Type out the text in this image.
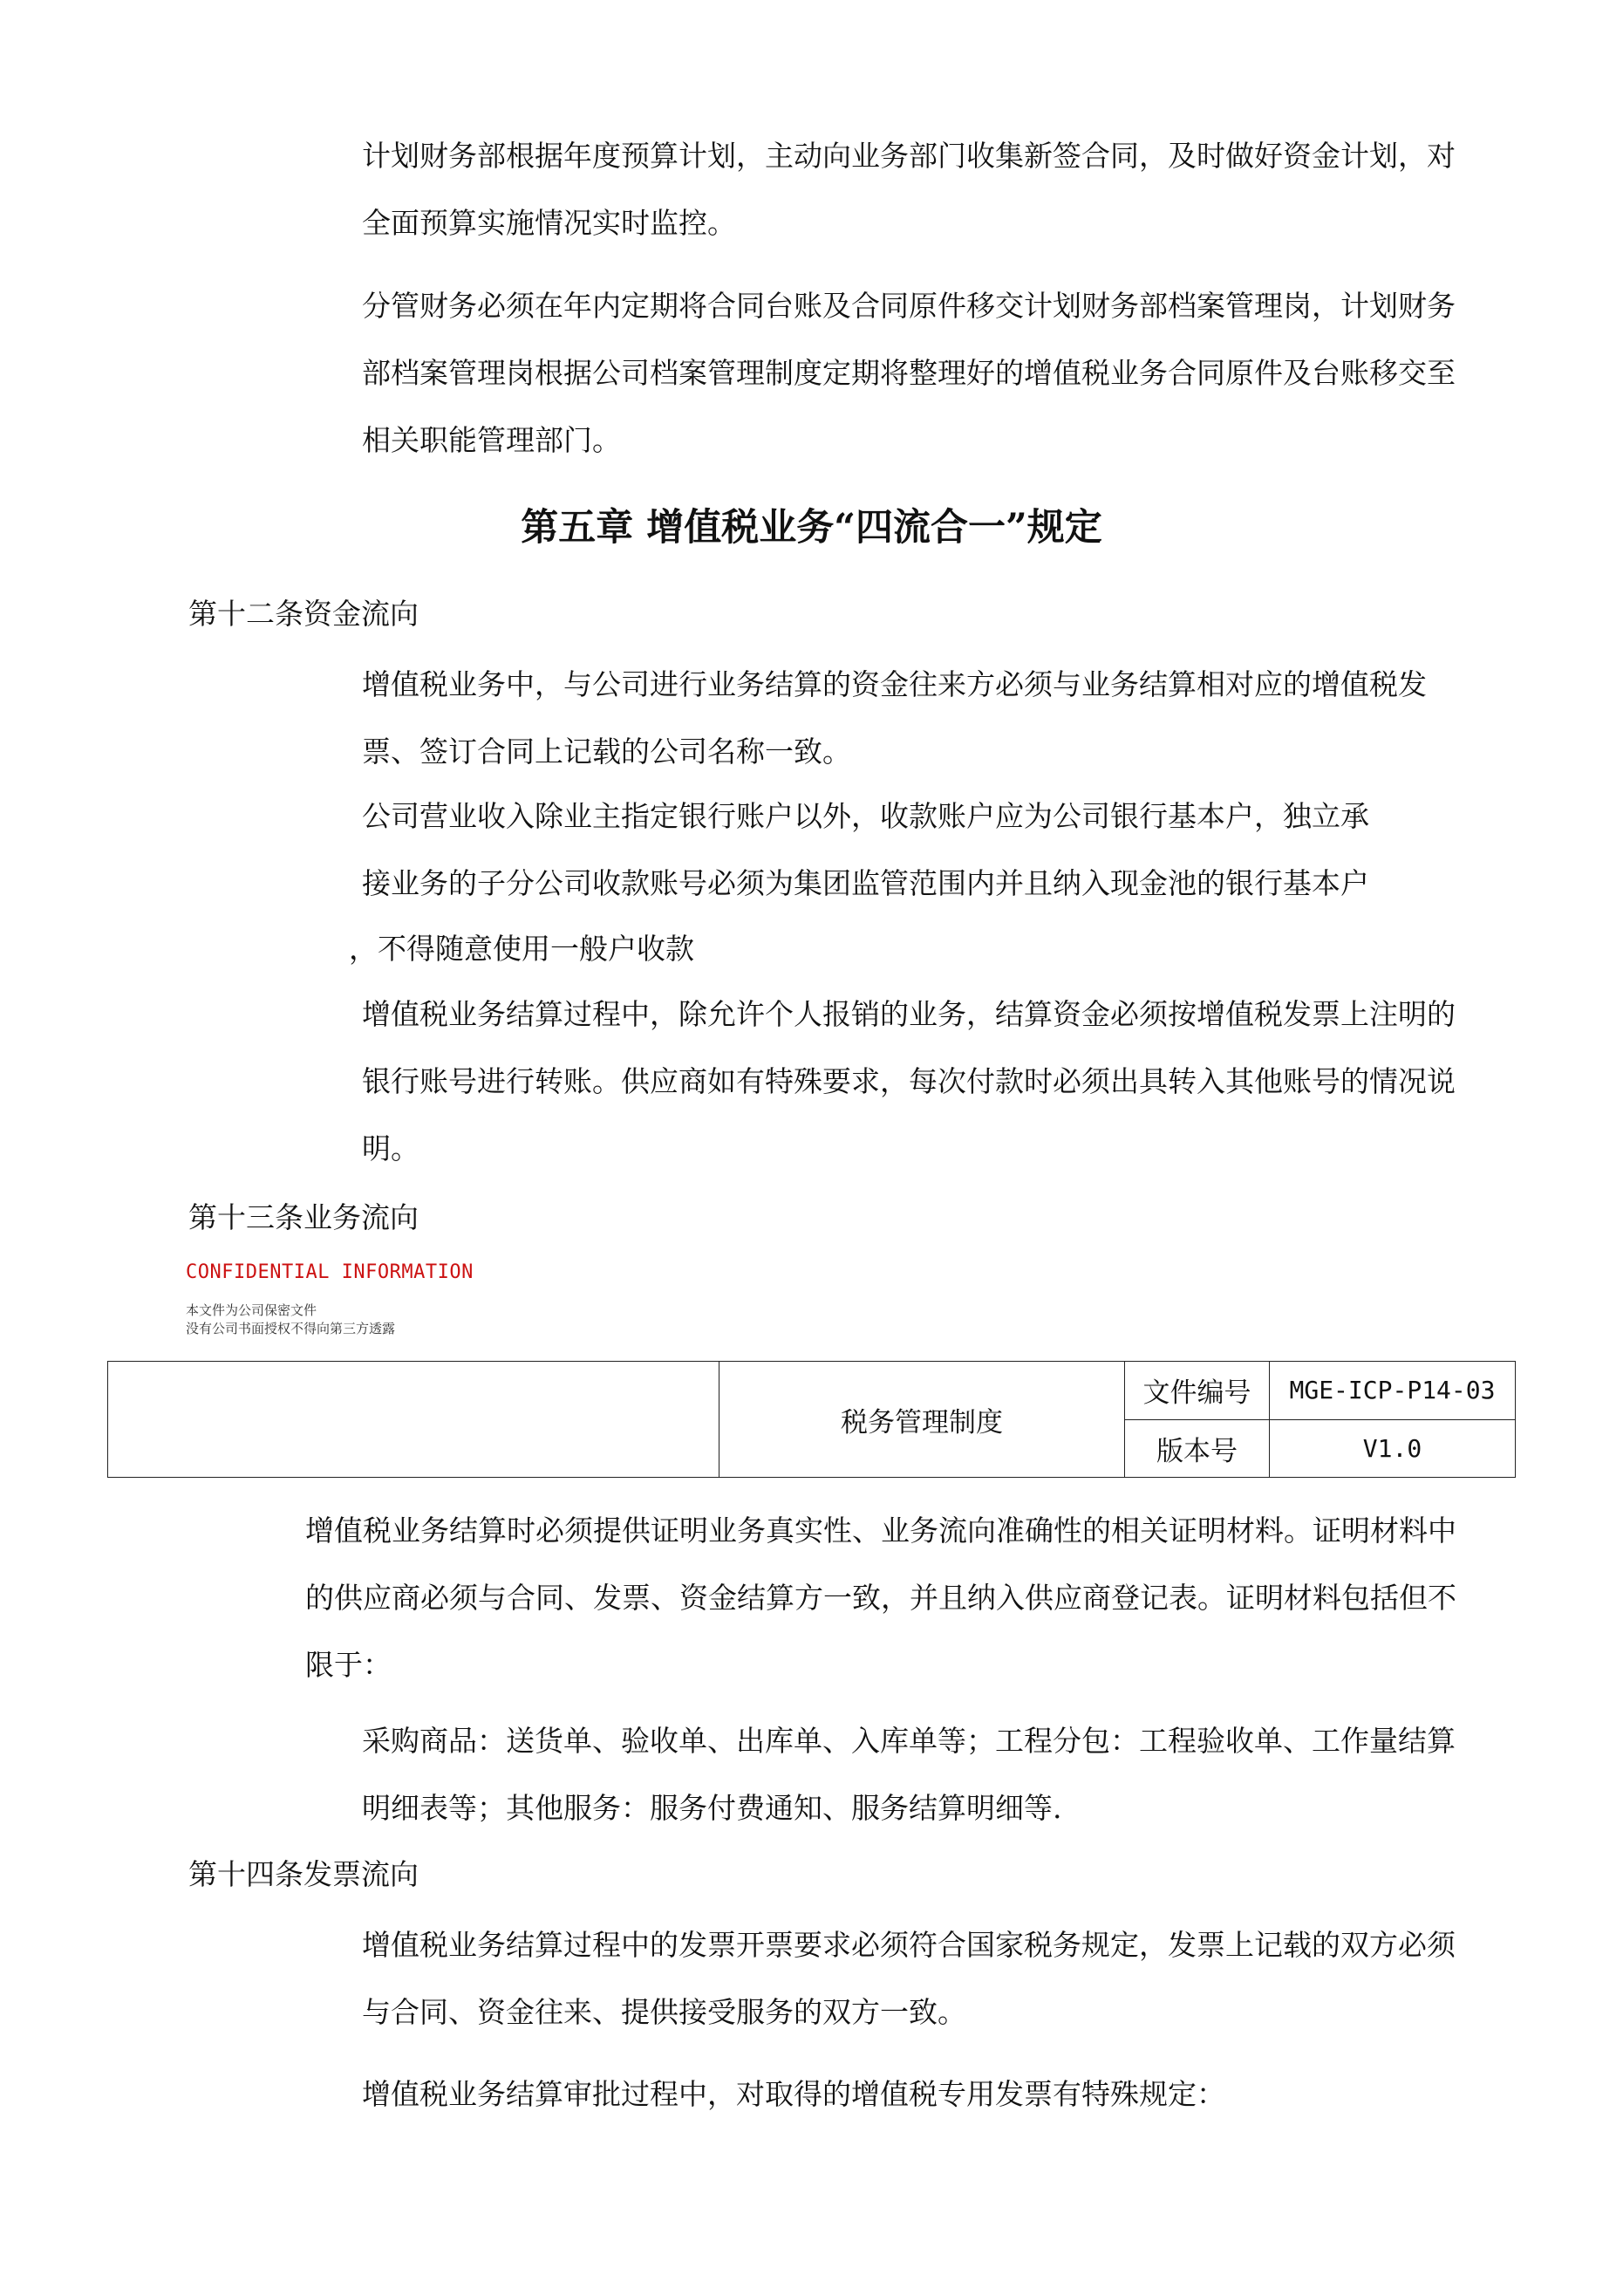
计划财务部根据年度预算计划，主动向业务部门收集新签合同，及时做好资金计划，对全面预算实施情况实时监控。

分管财务必须在年内定期将合同台账及合同原件移交计划财务部档案管理岗，计划财务部档案管理岗根据公司档案管理制度定期将整理好的增值税业务合同原件及台账移交至相关职能管理部门。

第五章 增值税业务“四流合一”规定

第十二条资金流向

增值税业务中，与公司进行业务结算的资金往来方必须与业务结算相对应的增值税发票、签订合同上记载的公司名称一致。

公司营业收入除业主指定银行账户以外，收款账户应为公司银行基本户，独立承

接业务的子分公司收款账号必须为集团监管范围内并且纳入现金池的银行基本户

，不得随意使用一般户收款

增值税业务结算过程中，除允许个人报销的业务，结算资金必须按增值税发票上注明的银行账号进行转账。供应商如有特殊要求，每次付款时必须出具转入其他账号的情况说明。

第十三条业务流向

CONFIDENTIAL INFORMATION
本文件为公司保密文件
没有公司书面授权不得向第三方透露
	税务管理制度	文件编号	MGE-ICP-P14-03
		版本号	V1.0

增值税业务结算时必须提供证明业务真实性、业务流向准确性的相关证明材料。证明材料中的供应商必须与合同、发票、资金结算方一致，并且纳入供应商登记表。证明材料包括但不限于：

采购商品：送货单、验收单、出库单、入库单等；工程分包：工程验收单、工作量结算明细表等；其他服务：服务付费通知、服务结算明细等.

第十四条发票流向

增值税业务结算过程中的发票开票要求必须符合国家税务规定，发票上记载的双方必须与合同、资金往来、提供接受服务的双方一致。

增值税业务结算审批过程中，对取得的增值税专用发票有特殊规定：
